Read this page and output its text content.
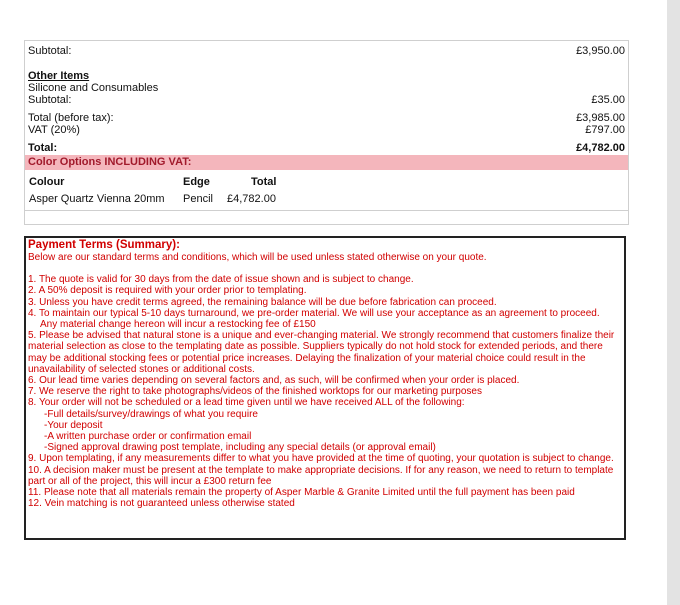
Subtotal:	£3,950.00
Other Items
Silicone and Consumables
Subtotal:	£35.00
Total (before tax):	£3,985.00
VAT (20%)	£797.00
Total:	£4,782.00
Color Options INCLUDING VAT:
Colour	Edge	Total
Asper Quartz Vienna 20mm	Pencil	£4,782.00
Payment Terms (Summary):
Below are our standard terms and conditions, which will be used unless stated otherwise on your quote.
1. The quote is valid for 30 days from the date of issue shown and is subject to change.
2. A 50% deposit is required with your order prior to templating.
3. Unless you have credit terms agreed, the remaining balance will be due before fabrication can proceed.
4. To maintain our typical 5-10 days turnaround, we pre-order material. We will use your acceptance as an agreement to proceed.
Any material change hereon will incur a restocking fee of £150
5. Please be advised that natural stone is a unique and ever-changing material. We strongly recommend that customers finalize their material selection as close to the templating date as possible. Suppliers typically do not hold stock for extended periods, and there may be additional stocking fees or potential price increases. Delaying the finalization of your material choice could result in the unavailability of selected stones or additional costs.
6. Our lead time varies depending on several factors and, as such, will be confirmed when your order is placed.
7. We reserve the right to take photographs/videos of the finished worktops for our marketing purposes
8. Your order will not be scheduled or a lead time given until we have received ALL of the following:
-Full details/survey/drawings of what you require
-Your deposit
-A written purchase order or confirmation email
-Signed approval drawing post template, including any special details (or approval email)
9. Upon templating, if any measurements differ to what you have provided at the time of quoting, your quotation is subject to change.
10. A decision maker must be present at the template to make appropriate decisions. If for any reason, we need to return to template part or all of the project, this will incur a £300 return fee
11. Please note that all materials remain the property of Asper Marble & Granite Limited until the full payment has been paid
12. Vein matching is not guaranteed unless otherwise stated
